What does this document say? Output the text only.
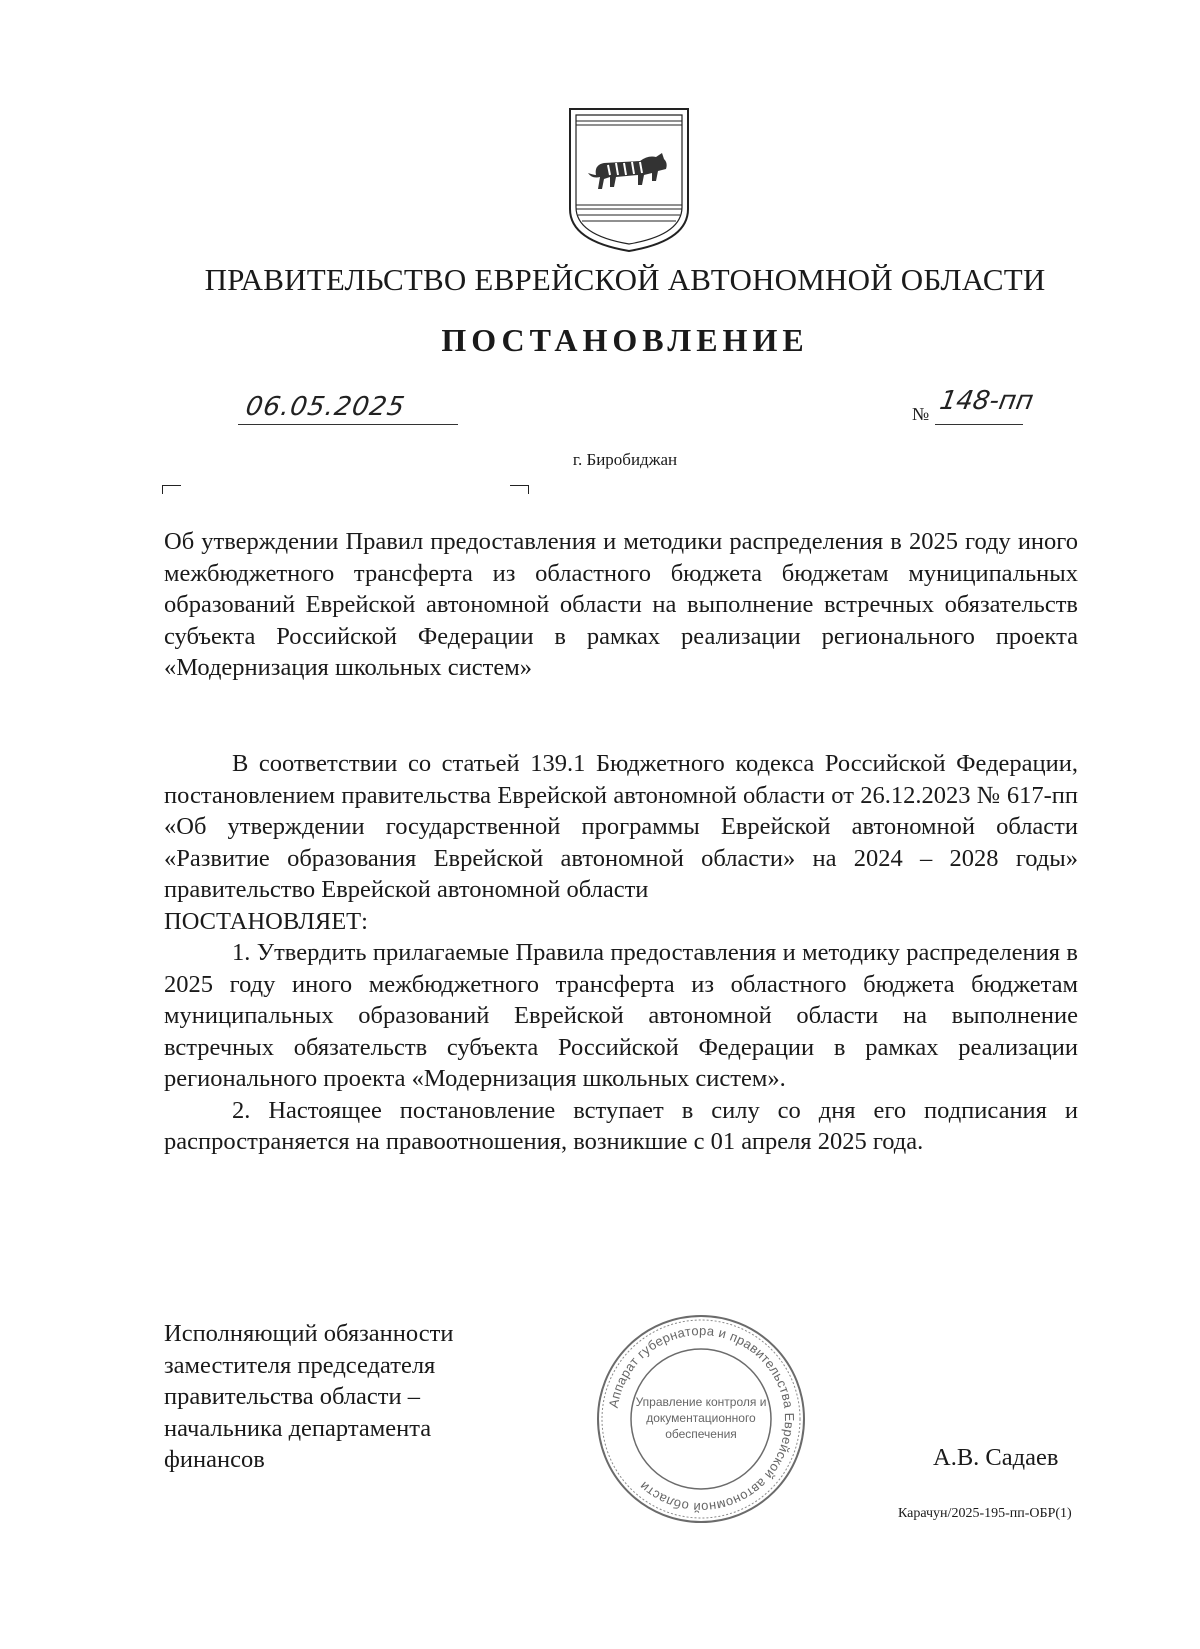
ПРАВИТЕЛЬСТВО ЕВРЕЙСКОЙ АВТОНОМНОЙ ОБЛАСТИ
ПОСТАНОВЛЕНИЕ
06.05.2025	№ 148-пп
г. Биробиджан
Об утверждении Правил предоставления и методики распределения в 2025 году иного межбюджетного трансферта из областного бюджета бюджетам муниципальных образований Еврейской автономной области на выполнение встречных обязательств субъекта Российской Федерации в рамках реализации регионального проекта «Модернизация школьных систем»

В соответствии со статьей 139.1 Бюджетного кодекса Российской Федерации, постановлением правительства Еврейской автономной области от 26.12.2023 № 617-пп «Об утверждении государственной программы Еврейской автономной области «Развитие образования Еврейской автономной области» на 2024 – 2028 годы» правительство Еврейской автономной области

ПОСТАНОВЛЯЕТ:

1. Утвердить прилагаемые Правила предоставления и методику распределения в 2025 году иного межбюджетного трансферта из областного бюджета бюджетам муниципальных образований Еврейской автономной области на выполнение встречных обязательств субъекта Российской Федерации в рамках реализации регионального проекта «Модернизация школьных систем».

2. Настоящее постановление вступает в силу со дня его подписания и распространяется на правоотношения, возникшие с 01 апреля 2025 года.

Исполняющий обязанности
заместителя председателя
правительства области –
начальника департамента
финансов
Аппарат губернатора и правительства Еврейской автономной области
Управление контроля и
документационного
обеспечения
А.В. Садаев
Карачун/2025-195-пп-ОБР(1)
